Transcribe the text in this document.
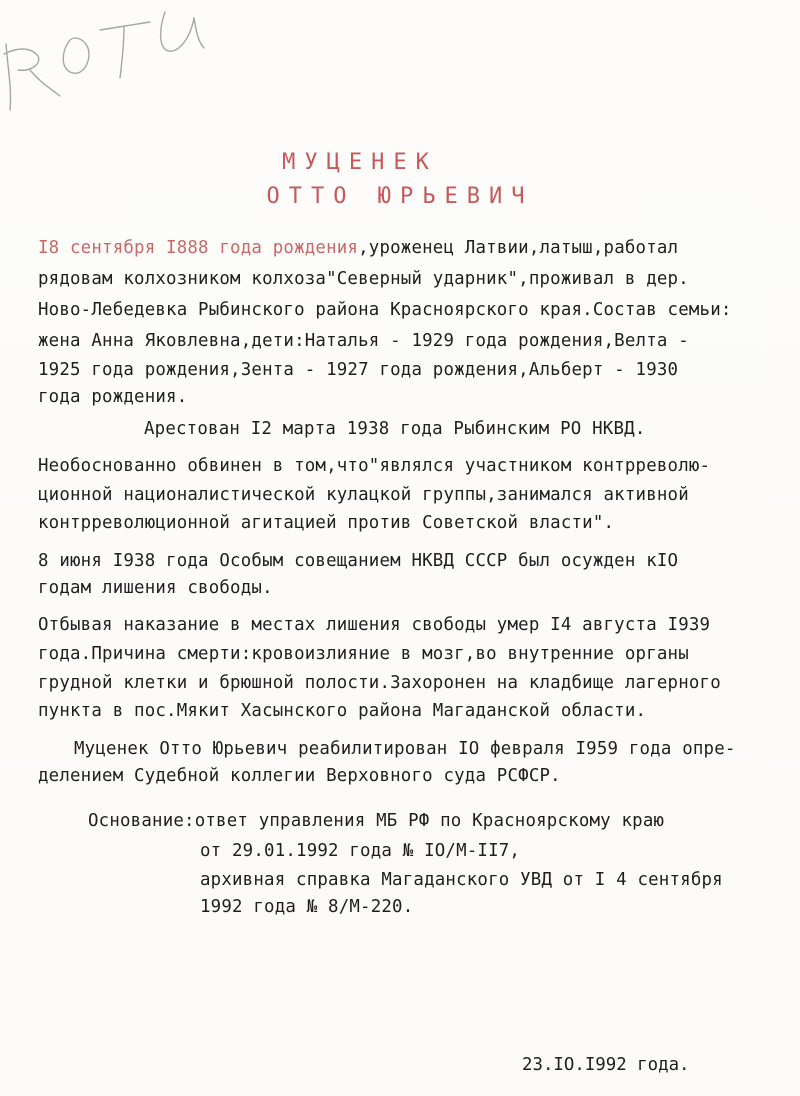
МУЦЕНЕК
ОТТО ЮРЬЕВИЧ
I8 сентября I888 года рождения,уроженец Латвии,латыш,работал
рядовам колхозником колхоза"Северный ударник",проживал в дер.
Ново-Лебедевка Рыбинского района Красноярского края.Состав семьи:
жена Анна Яковлевна,дети:Наталья - 1929 года рождения,Велта -
1925 года рождения,Зента - 1927 года рождения,Альберт - 1930
года рождения.
Арестован I2 марта 1938 года Рыбинским РО НКВД.
Необоснованно обвинен в том,что"являлся участником контрреволю-
ционной националистической кулацкой группы,занимался активной
контрреволюционной агитацией против Советской власти".
8 июня I938 года Особым совещанием НКВД СССР был осужден кIО
годам лишения свободы.
Отбывая наказание в местах лишения свободы умер I4 августа I939
года.Причина смерти:кровоизлияние в мозг,во внутренние органы
грудной клетки и брюшной полости.Захоронен на кладбище лагерного
пункта в пос.Мякит Хасынского района Магаданской области.
Муценек Отто Юрьевич реабилитирован IО февраля I959 года опре-
делением Судебной коллегии Верховного суда РСФСР.
Основание:ответ управления МБ РФ по Красноярскому краю
от 29.01.1992 года № IО/М-II7,
архивная справка Магаданского УВД от I 4 сентября
1992 года № 8/М-220.
23.IО.I992 года.
